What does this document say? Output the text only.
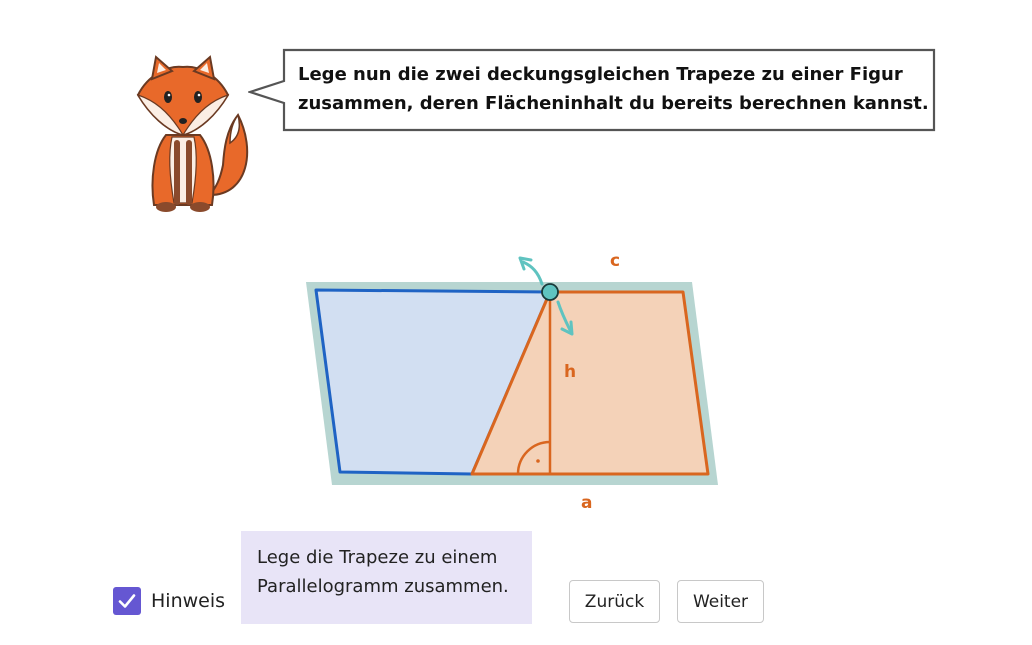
Lege nun die zwei deckungsgleichen Trapeze zu einer Figur
zusammen, deren Flächeninhalt du bereits berechnen kannst.
c
h
a
Hinweis
Lege die Trapeze zu einem
Parallelogramm zusammen.
Zurück	Weiter
